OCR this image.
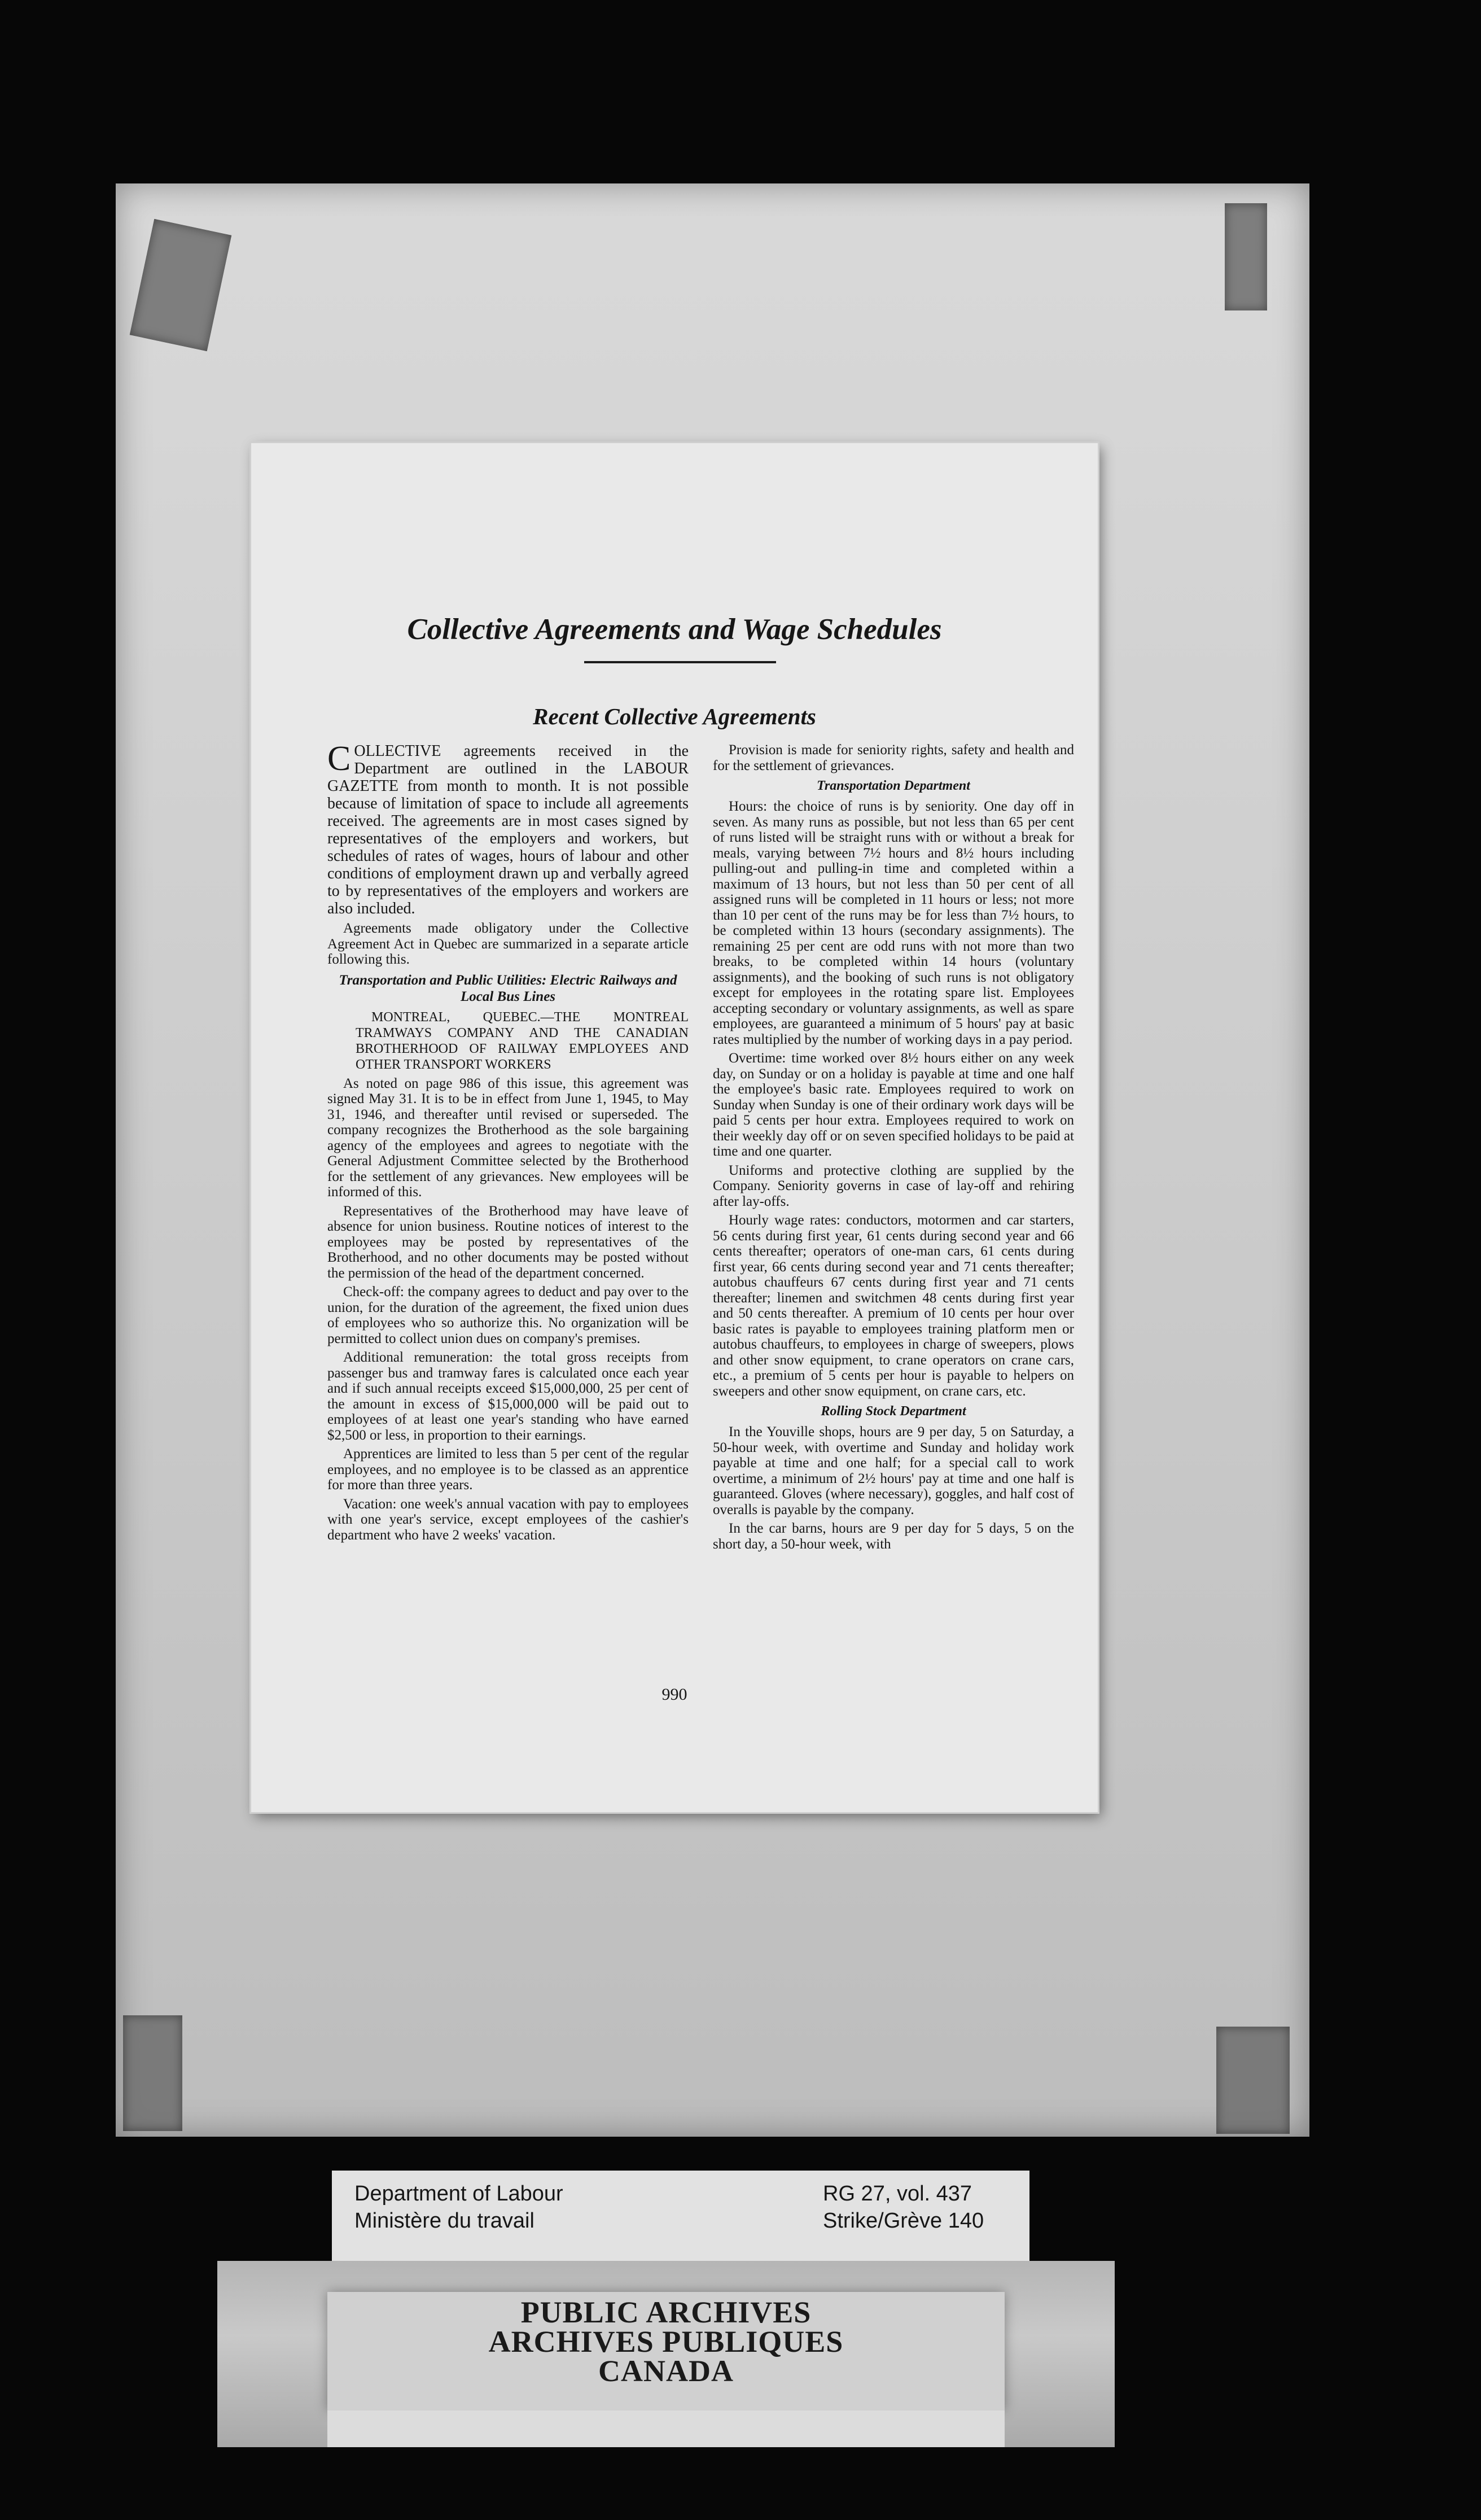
Collective Agreements and Wage Schedules
Recent Collective Agreements

COLLECTIVE agreements received in the Department are outlined in the LABOUR GAZETTE from month to month. It is not possible because of limitation of space to include all agreements received. The agreements are in most cases signed by representatives of the employers and workers, but schedules of rates of wages, hours of labour and other conditions of employment drawn up and verbally agreed to by representatives of the employers and workers are also included.

Agreements made obligatory under the Collective Agreement Act in Quebec are summarized in a separate article following this.

Transportation and Public Utilities: Electric Railways and Local Bus Lines

MONTREAL, QUEBEC.—THE MONTREAL TRAMWAYS COMPANY AND THE CANADIAN BROTHERHOOD OF RAILWAY EMPLOYEES AND OTHER TRANSPORT WORKERS

As noted on page 986 of this issue, this agreement was signed May 31. It is to be in effect from June 1, 1945, to May 31, 1946, and thereafter until revised or superseded. The company recognizes the Brotherhood as the sole bargaining agency of the employees and agrees to negotiate with the General Adjustment Committee selected by the Brotherhood for the settlement of any grievances. New employees will be informed of this.

Representatives of the Brotherhood may have leave of absence for union business. Routine notices of interest to the employees may be posted by representatives of the Brotherhood, and no other documents may be posted without the permission of the head of the department concerned.

Check-off: the company agrees to deduct and pay over to the union, for the duration of the agreement, the fixed union dues of employees who so authorize this. No organization will be permitted to collect union dues on company's premises.

Additional remuneration: the total gross receipts from passenger bus and tramway fares is calculated once each year and if such annual receipts exceed $15,000,000, 25 per cent of the amount in excess of $15,000,000 will be paid out to employees of at least one year's standing who have earned $2,500 or less, in proportion to their earnings.

Apprentices are limited to less than 5 per cent of the regular employees, and no employee is to be classed as an apprentice for more than three years.

Vacation: one week's annual vacation with pay to employees with one year's service, except employees of the cashier's department who have 2 weeks' vacation.

Provision is made for seniority rights, safety and health and for the settlement of grievances.

Transportation Department

Hours: the choice of runs is by seniority. One day off in seven. As many runs as possible, but not less than 65 per cent of runs listed will be straight runs with or without a break for meals, varying between 7½ hours and 8½ hours including pulling-out and pulling-in time and completed within a maximum of 13 hours, but not less than 50 per cent of all assigned runs will be completed in 11 hours or less; not more than 10 per cent of the runs may be for less than 7½ hours, to be completed within 13 hours (secondary assignments). The remaining 25 per cent are odd runs with not more than two breaks, to be completed within 14 hours (voluntary assignments), and the booking of such runs is not obligatory except for employees in the rotating spare list. Employees accepting secondary or voluntary assignments, as well as spare employees, are guaranteed a minimum of 5 hours' pay at basic rates multiplied by the number of working days in a pay period.

Overtime: time worked over 8½ hours either on any week day, on Sunday or on a holiday is payable at time and one half the employee's basic rate. Employees required to work on Sunday when Sunday is one of their ordinary work days will be paid 5 cents per hour extra. Employees required to work on their weekly day off or on seven specified holidays to be paid at time and one quarter.

Uniforms and protective clothing are supplied by the Company. Seniority governs in case of lay-off and rehiring after lay-offs.

Hourly wage rates: conductors, motormen and car starters, 56 cents during first year, 61 cents during second year and 66 cents thereafter; operators of one-man cars, 61 cents during first year, 66 cents during second year and 71 cents thereafter; autobus chauffeurs 67 cents during first year and 71 cents thereafter; linemen and switchmen 48 cents during first year and 50 cents thereafter. A premium of 10 cents per hour over basic rates is payable to employees training platform men or autobus chauffeurs, to employees in charge of sweepers, plows and other snow equipment, to crane operators on crane cars, etc., a premium of 5 cents per hour is payable to helpers on sweepers and other snow equipment, on crane cars, etc.

Rolling Stock Department

In the Youville shops, hours are 9 per day, 5 on Saturday, a 50-hour week, with overtime and Sunday and holiday work payable at time and one half; for a special call to work overtime, a minimum of 2½ hours' pay at time and one half is guaranteed. Gloves (where necessary), goggles, and half cost of overalls is payable by the company.

In the car barns, hours are 9 per day for 5 days, 5 on the short day, a 50-hour week, with

990

Department of Labour
Ministère du travail
RG 27, vol. 437
Strike/Grève 140
PUBLIC ARCHIVES
ARCHIVES PUBLIQUES
CANADA
